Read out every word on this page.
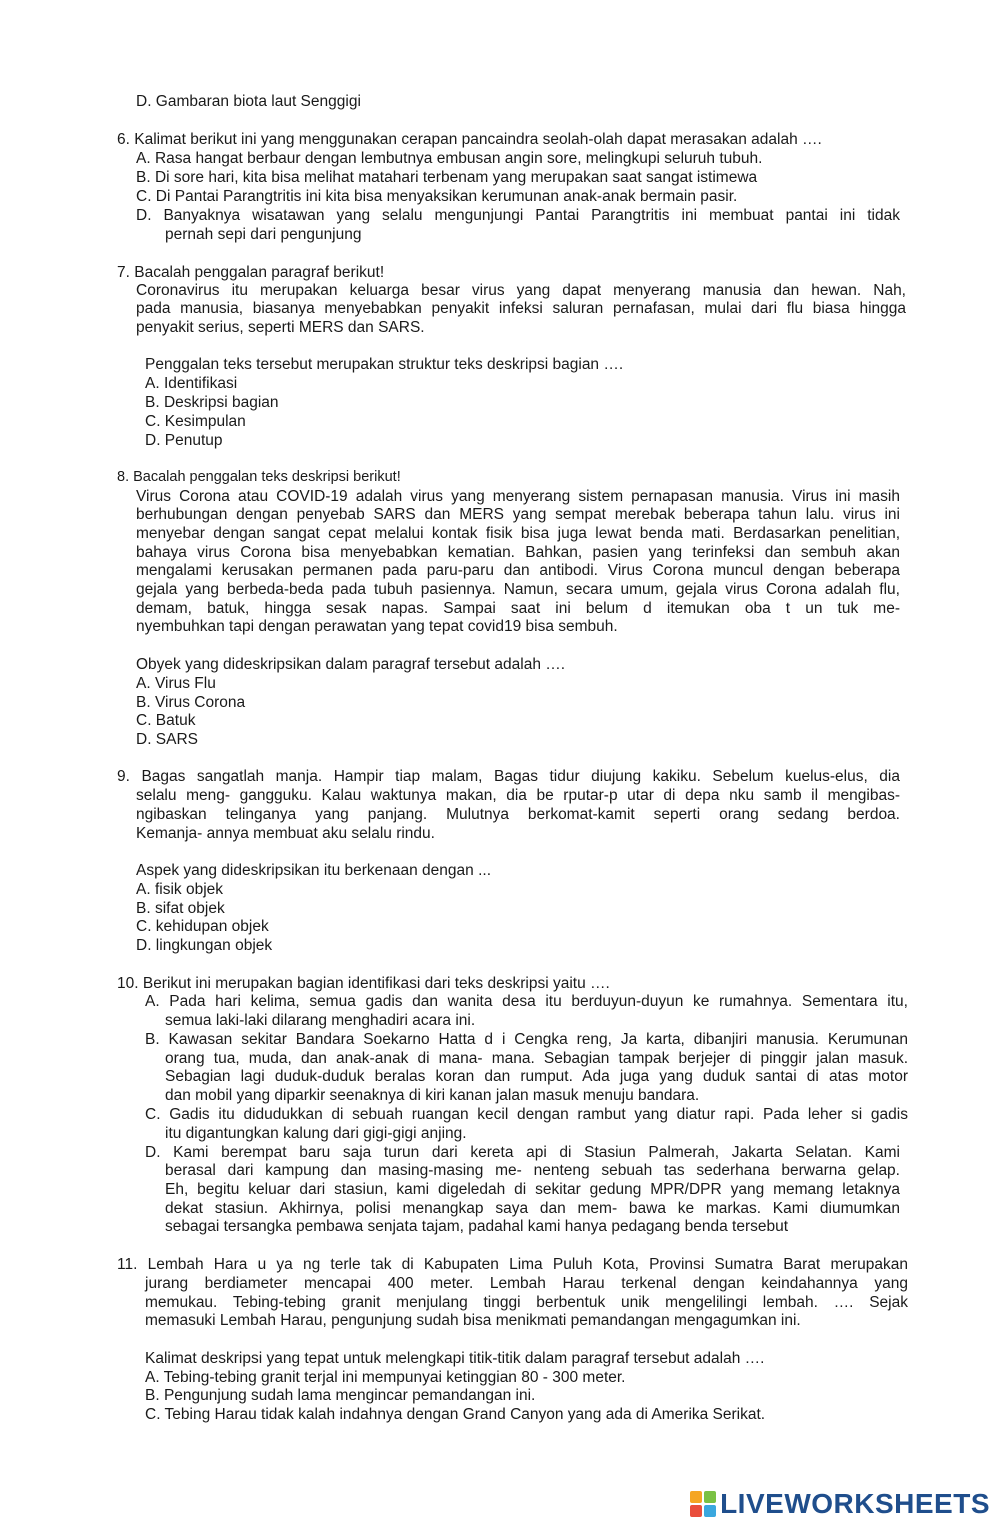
D. Gambaran biota laut Senggigi
6. Kalimat berikut ini yang menggunakan cerapan pancaindra seolah-olah dapat merasakan adalah ….
A. Rasa hangat berbaur dengan lembutnya embusan angin sore, melingkupi seluruh tubuh.
B. Di sore hari, kita bisa melihat matahari terbenam yang merupakan saat sangat istimewa
C. Di Pantai Parangtritis ini kita bisa menyaksikan kerumunan anak-anak bermain pasir.
D. Banyaknya wisatawan yang selalu mengunjungi Pantai Parangtritis ini membuat pantai ini tidak
pernah sepi dari pengunjung
7. Bacalah penggalan paragraf berikut!
Coronavirus itu merupakan keluarga besar virus yang dapat menyerang manusia dan hewan. Nah,
pada manusia, biasanya menyebabkan penyakit infeksi saluran pernafasan, mulai dari flu biasa hingga
penyakit serius, seperti MERS dan SARS.
Penggalan teks tersebut merupakan struktur teks deskripsi bagian ….
A. Identifikasi
B. Deskripsi bagian
C. Kesimpulan
D. Penutup
8. Bacalah penggalan teks deskripsi berikut!
Virus Corona atau COVID-19 adalah virus yang menyerang sistem pernapasan manusia. Virus ini masih
berhubungan dengan penyebab SARS dan MERS yang sempat merebak beberapa tahun lalu. virus ini
menyebar dengan sangat cepat melalui kontak fisik bisa juga lewat benda mati. Berdasarkan penelitian,
bahaya virus Corona bisa menyebabkan kematian. Bahkan, pasien yang terinfeksi dan sembuh akan
mengalami kerusakan permanen pada paru-paru dan antibodi. Virus Corona muncul dengan beberapa
gejala yang berbeda-beda pada tubuh pasiennya. Namun, secara umum, gejala virus Corona adalah flu,
demam, batuk, hingga sesak napas. Sampai saat ini belum d itemukan oba t un tuk me-
nyembuhkan tapi dengan perawatan yang tepat covid19 bisa sembuh.
Obyek yang dideskripsikan dalam paragraf tersebut adalah ….
A. Virus Flu
B. Virus Corona
C. Batuk
D. SARS
9. Bagas sangatlah manja. Hampir tiap malam, Bagas tidur diujung kakiku. Sebelum kuelus-elus, dia
selalu meng- gangguku. Kalau waktunya makan, dia be rputar-p utar di depa nku samb il mengibas-
ngibaskan telinganya yang panjang. Mulutnya berkomat-kamit seperti orang sedang berdoa.
Kemanja- annya membuat aku selalu rindu.
Aspek yang dideskripsikan itu berkenaan dengan ...
A. fisik objek
B. sifat objek
C. kehidupan objek
D. lingkungan objek
10. Berikut ini merupakan bagian identifikasi dari teks deskripsi yaitu ….
A. Pada hari kelima, semua gadis dan wanita desa itu berduyun-duyun ke rumahnya. Sementara itu,
semua laki-laki dilarang menghadiri acara ini.
B. Kawasan sekitar Bandara Soekarno Hatta d i Cengka reng, Ja karta, dibanjiri manusia. Kerumunan
orang tua, muda, dan anak-anak di mana- mana. Sebagian tampak berjejer di pinggir jalan masuk.
Sebagian lagi duduk-duduk beralas koran dan rumput. Ada juga yang duduk santai di atas motor
dan mobil yang diparkir seenaknya di kiri kanan jalan masuk menuju bandara.
C. Gadis itu didudukkan di sebuah ruangan kecil dengan rambut yang diatur rapi. Pada leher si gadis
itu digantungkan kalung dari gigi-gigi anjing.
D. Kami berempat baru saja turun dari kereta api di Stasiun Palmerah, Jakarta Selatan. Kami
berasal dari kampung dan masing-masing me- nenteng sebuah tas sederhana berwarna gelap.
Eh, begitu keluar dari stasiun, kami digeledah di sekitar gedung MPR/DPR yang memang letaknya
dekat stasiun. Akhirnya, polisi menangkap saya dan mem- bawa ke markas. Kami diumumkan
sebagai tersangka pembawa senjata tajam, padahal kami hanya pedagang benda tersebut
11. Lembah Hara u ya ng terle tak di Kabupaten Lima Puluh Kota, Provinsi Sumatra Barat merupakan
jurang berdiameter mencapai 400 meter. Lembah Harau terkenal dengan keindahannya yang
memukau. Tebing-tebing granit menjulang tinggi berbentuk unik mengelilingi lembah. …. Sejak
memasuki Lembah Harau, pengunjung sudah bisa menikmati pemandangan mengagumkan ini.
Kalimat deskripsi yang tepat untuk melengkapi titik-titik dalam paragraf tersebut adalah ….
A. Tebing-tebing granit terjal ini mempunyai ketinggian 80 - 300 meter.
B. Pengunjung sudah lama mengincar pemandangan ini.
C. Tebing Harau tidak kalah indahnya dengan Grand Canyon yang ada di Amerika Serikat.
LIVEWORKSHEETS
